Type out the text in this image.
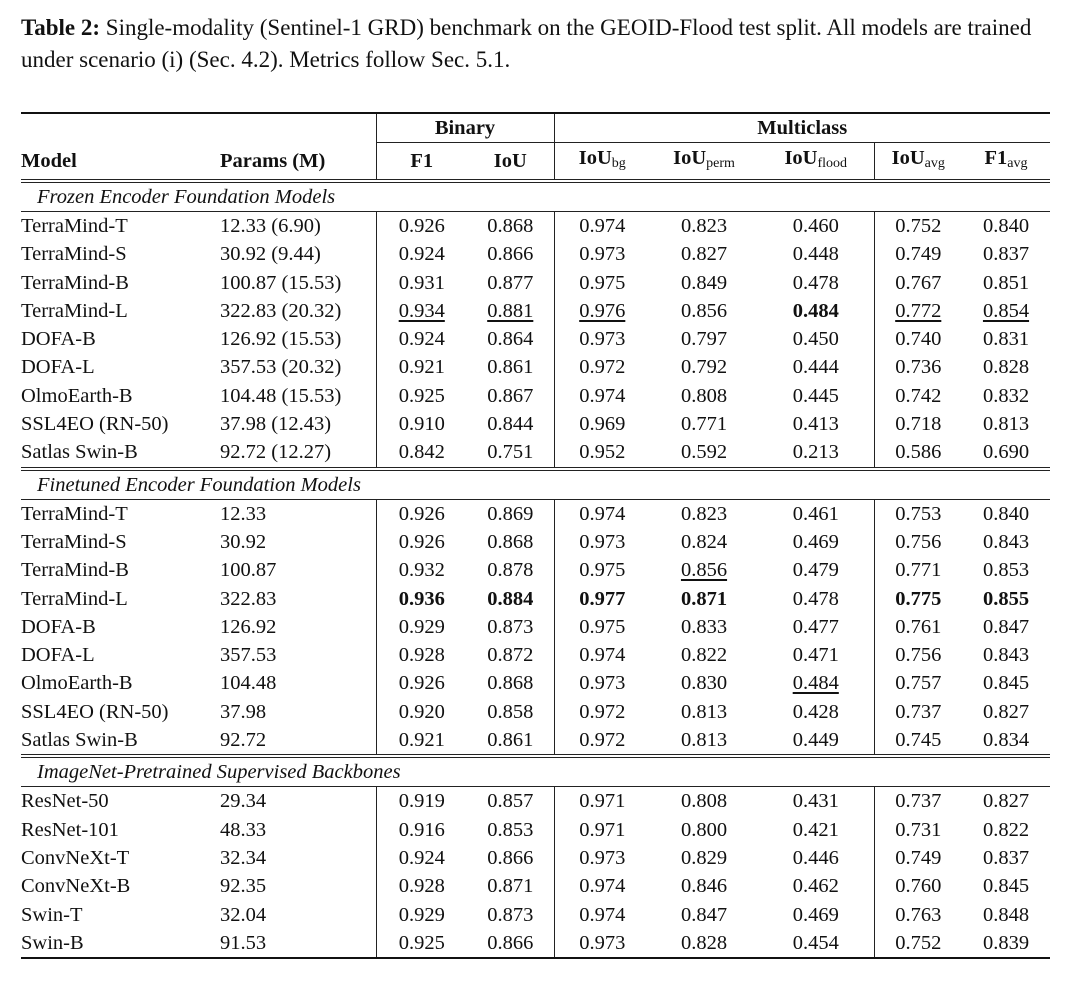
Table 2: Single-modality (Sentinel-1 GRD) benchmark on the GEOID-Flood test split. All models are trained under scenario (i) (Sec. 4.2). Metrics follow Sec. 5.1.
		Binary		Multiclass				
Model	Params (M)	F1	IoU	IoU$_{bg}$	IoU$_{perm}$	IoU$_{flood}$	IoU$_{avg}$	$F1_{avg}$
Frozen Encoder Foundation Models								
TerraMind-T	12.33 (6.90)	0.926	0.868	0.974	0.823	0.460	0.752	0.840
TerraMind-S	30.92 (9.44)	0.924	0.866	0.973	0.827	0.448	0.749	0.837
TerraMind-B	100.87 (15.53)	0.931	0.877	0.975	0.849	0.478	0.767	0.851
TerraMind-L	322.83 (20.32)	0.934	0.881	0.976	0.856	0.484	0.772	0.854
DOFA-B	126.92 (15.53)	0.924	0.864	0.973	0.797	0.450	0.740	0.831
DOFA-L	357.53 (20.32)	0.921	0.861	0.972	0.792	0.444	0.736	0.828
OlmoEarth-B	104.48 (15.53)	0.925	0.867	0.974	0.808	0.445	0.742	0.832
SSL4EO (RN-50)	37.98 (12.43)	0.910	0.844	0.969	0.771	0.413	0.718	0.813
Satlas Swin-B	92.72 (12.27)	0.842	0.751	0.952	0.592	0.213	0.586	0.690
Finetuned Encoder Foundation Models								
TerraMind-T	12.33	0.926	0.869	0.974	0.823	0.461	0.753	0.840
TerraMind-S	30.92	0.926	0.868	0.973	0.824	0.469	0.756	0.843
TerraMind-B	100.87	0.932	0.878	0.975	0.856	0.479	0.771	0.853
TerraMind-L	322.83	0.936	0.884	0.977	0.871	0.478	0.775	0.855
DOFA-B	126.92	0.929	0.873	0.975	0.833	0.477	0.761	0.847
DOFA-L	357.53	0.928	0.872	0.974	0.822	0.471	0.756	0.843
OlmoEarth-B	104.48	0.926	0.868	0.973	0.830	0.484	0.757	0.845
SSL4EO (RN-50)	37.98	0.920	0.858	0.972	0.813	0.428	0.737	0.827
Satlas Swin-B	92.72	0.921	0.861	0.972	0.813	0.449	0.745	0.834
ImageNet-Pretrained Supervised Backbones								
ResNet-50	29.34	0.919	0.857	0.971	0.808	0.431	0.737	0.827
ResNet-101	48.33	0.916	0.853	0.971	0.800	0.421	0.731	0.822
ConvNeXt-T	32.34	0.924	0.866	0.973	0.829	0.446	0.749	0.837
ConvNeXt-B	92.35	0.928	0.871	0.974	0.846	0.462	0.760	0.845
Swin-T	32.04	0.929	0.873	0.974	0.847	0.469	0.763	0.848
Swin-B	91.53	0.925	0.866	0.973	0.828	0.454	0.752	0.839
